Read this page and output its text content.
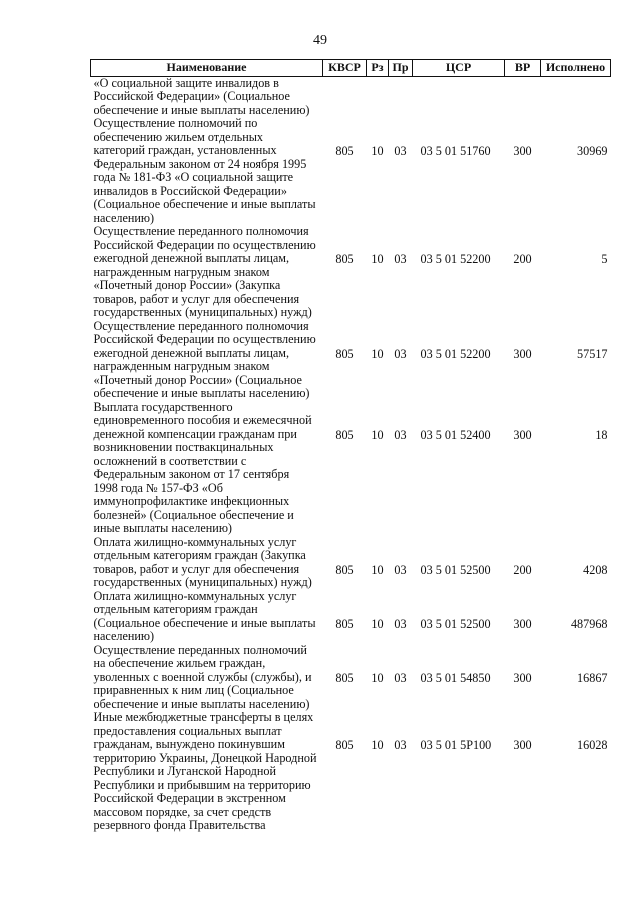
49
Наименование	КВСР	Рз	Пр	ЦСР	ВР	Исполнено
«О социальной защите инвалидов в Российской Федерации» (Социальное обеспечение и иные выплаты населению)						
Осуществление полномочий по обеспечению жильем отдельных категорий граждан, установленных Федеральным законом от 24 ноября 1995 года № 181-ФЗ «О социальной защите инвалидов в Российской Федерации» (Социальное обеспечение и иные выплаты населению)	805	10	03	03 5 01 51760	300	30969
Осуществление переданного полномочия Российской Федерации по осуществлению ежегодной денежной выплаты лицам, награжденным нагрудным знаком «Почетный донор России» (Закупка товаров, работ и услуг для обеспечения государственных (муниципальных) нужд)	805	10	03	03 5 01 52200	200	5
Осуществление переданного полномочия Российской Федерации по осуществлению ежегодной денежной выплаты лицам, награжденным нагрудным знаком «Почетный донор России» (Социальное обеспечение и иные выплаты населению)	805	10	03	03 5 01 52200	300	57517
Выплата государственного единовременного пособия и ежемесячной денежной компенсации гражданам при возникновении поствакцинальных осложнений в соответствии с Федеральным законом от 17 сентября 1998 года № 157-ФЗ «Об иммунопрофилактике инфекционных болезней» (Социальное обеспечение и иные выплаты населению)	805	10	03	03 5 01 52400	300	18
Оплата жилищно-коммунальных услуг отдельным категориям граждан (Закупка товаров, работ и услуг для обеспечения государственных (муниципальных) нужд)	805	10	03	03 5 01 52500	200	4208
Оплата жилищно-коммунальных услуг отдельным категориям граждан (Социальное обеспечение и иные выплаты населению)	805	10	03	03 5 01 52500	300	487968
Осуществление переданных полномочий на обеспечение жильем граждан, уволенных с военной службы (службы), и приравненных к ним лиц (Социальное обеспечение и иные выплаты населению)	805	10	03	03 5 01 54850	300	16867
Иные межбюджетные трансферты в целях предоставления социальных выплат гражданам, вынуждено покинувшим территорию Украины, Донецкой Народной Республики и Луганской Народной Республики и прибывшим на территорию Российской Федерации в экстренном массовом порядке, за счет средств резервного фонда Правительства	805	10	03	03 5 01 5P100	300	16028
